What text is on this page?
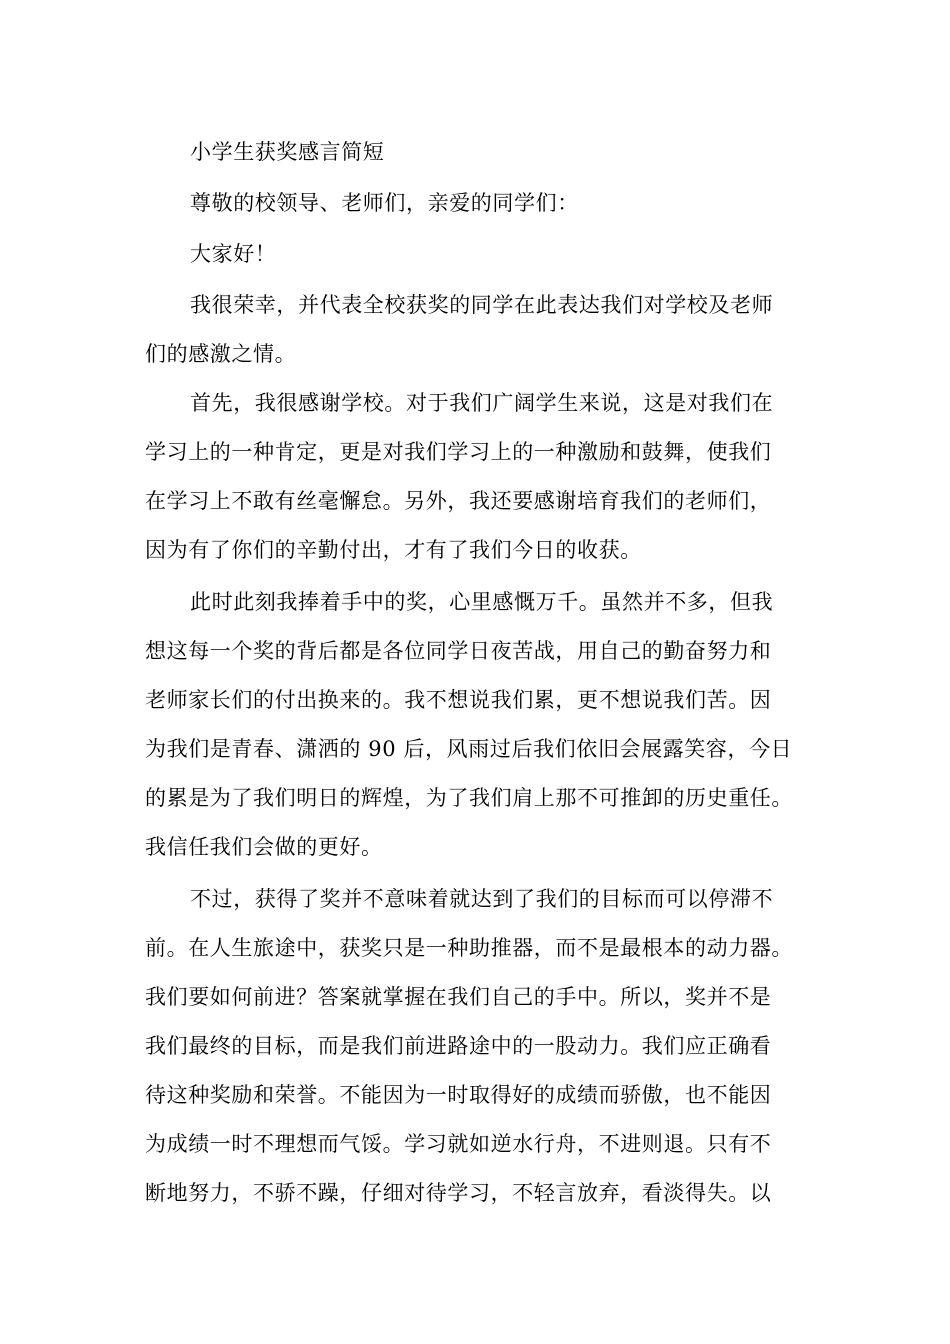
小学生获奖感言简短
尊敬的校领导、老师们，亲爱的同学们：
大家好！
我很荣幸，并代表全校获奖的同学在此表达我们对学校及老师
们的感激之情。
首先，我很感谢学校。对于我们广阔学生来说，这是对我们在
学习上的一种肯定，更是对我们学习上的一种激励和鼓舞，使我们
在学习上不敢有丝毫懈怠。另外，我还要感谢培育我们的老师们，
因为有了你们的辛勤付出，才有了我们今日的收获。
此时此刻我捧着手中的奖，心里感慨万千。虽然并不多，但我
想这每一个奖的背后都是各位同学日夜苦战，用自己的勤奋努力和
老师家长们的付出换来的。我不想说我们累，更不想说我们苦。因
为我们是青春、潇洒的 90 后，风雨过后我们依旧会展露笑容，今日
的累是为了我们明日的辉煌，为了我们肩上那不可推卸的历史重任。
我信任我们会做的更好。
不过，获得了奖并不意味着就达到了我们的目标而可以停滞不
前。在人生旅途中，获奖只是一种助推器，而不是最根本的动力器。
我们要如何前进？答案就掌握在我们自己的手中。所以，奖并不是
我们最终的目标，而是我们前进路途中的一股动力。我们应正确看
待这种奖励和荣誉。不能因为一时取得好的成绩而骄傲，也不能因
为成绩一时不理想而气馁。学习就如逆水行舟，不进则退。只有不
断地努力，不骄不躁，仔细对待学习，不轻言放弃，看淡得失。以
